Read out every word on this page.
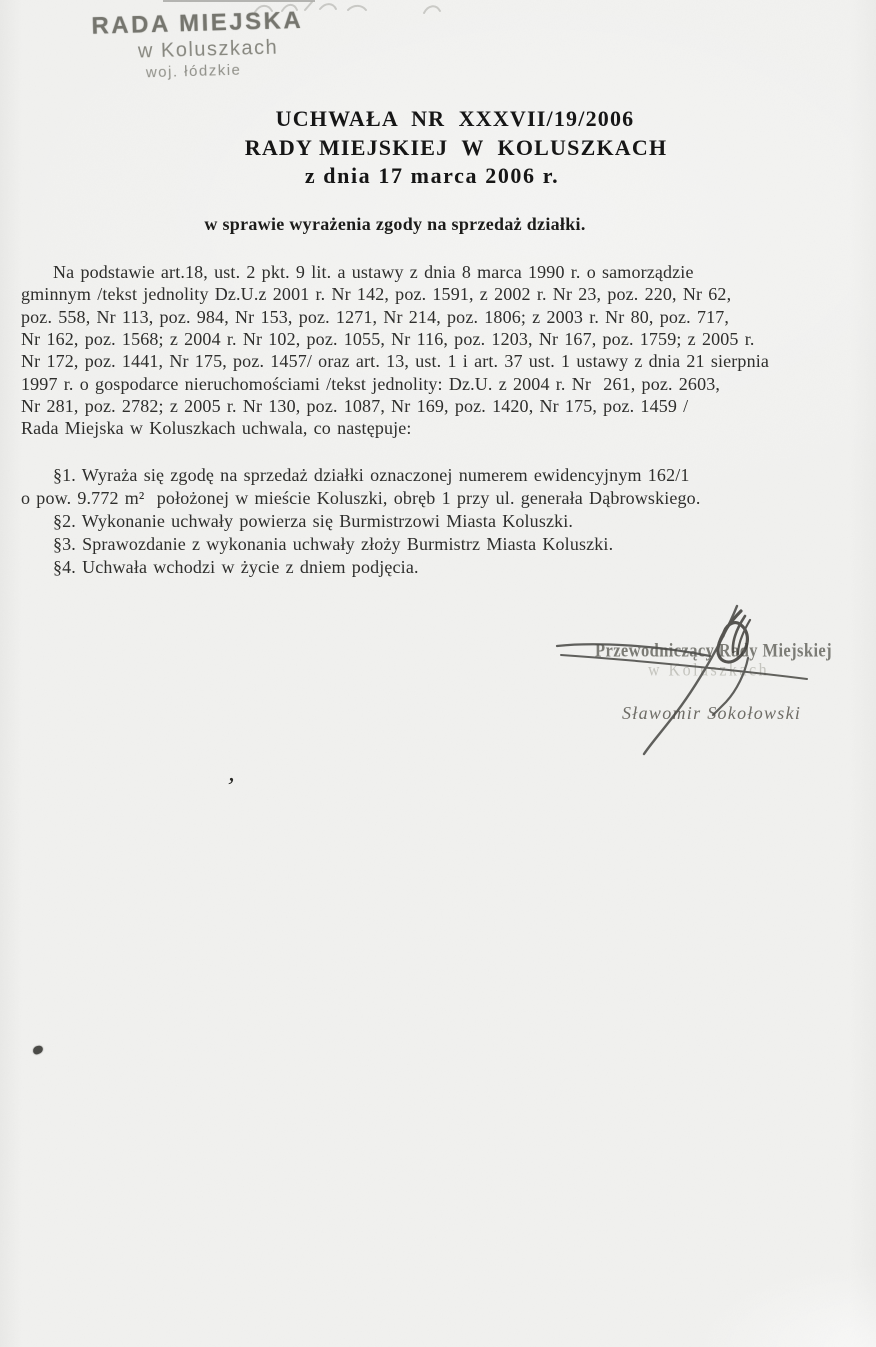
RADA MIEJSKA
w Koluszkach
woj. łódzkie
UCHWAŁA  NR  XXXVII/19/2006
RADY MIEJSKIEJ  W  KOLUSZKACH
z dnia 17 marca 2006 r.
w sprawie wyrażenia zgody na sprzedaż działki.
Na podstawie art.18, ust. 2 pkt. 9 lit. a ustawy z dnia 8 marca 1990 r. o samorządzie
gminnym /tekst jednolity Dz.U.z 2001 r. Nr 142, poz. 1591, z 2002 r. Nr 23, poz. 220, Nr 62,
poz. 558, Nr 113, poz. 984, Nr 153, poz. 1271, Nr 214, poz. 1806; z 2003 r. Nr 80, poz. 717,
Nr 162, poz. 1568; z 2004 r. Nr 102, poz. 1055, Nr 116, poz. 1203, Nr 167, poz. 1759; z 2005 r.
Nr 172, poz. 1441, Nr 175, poz. 1457/ oraz art. 13, ust. 1 i art. 37 ust. 1 ustawy z dnia 21 sierpnia
1997 r. o gospodarce nieruchomościami /tekst jednolity: Dz.U. z 2004 r. Nr  261, poz. 2603,
Nr 281, poz. 2782; z 2005 r. Nr 130, poz. 1087, Nr 169, poz. 1420, Nr 175, poz. 1459 /
Rada Miejska w Koluszkach uchwala, co następuje:
§1. Wyraża się zgodę na sprzedaż działki oznaczonej numerem ewidencyjnym 162/1
o pow. 9.772 m²  położonej w mieście Koluszki, obręb 1 przy ul. generała Dąbrowskiego.
§2. Wykonanie uchwały powierza się Burmistrzowi Miasta Koluszki.
§3. Sprawozdanie z wykonania uchwały złoży Burmistrz Miasta Koluszki.
§4. Uchwała wchodzi w życie z dniem podjęcia.
Przewodniczący Rady Miejskiej
w Koluszkach
Sławomir Sokołowski
’
